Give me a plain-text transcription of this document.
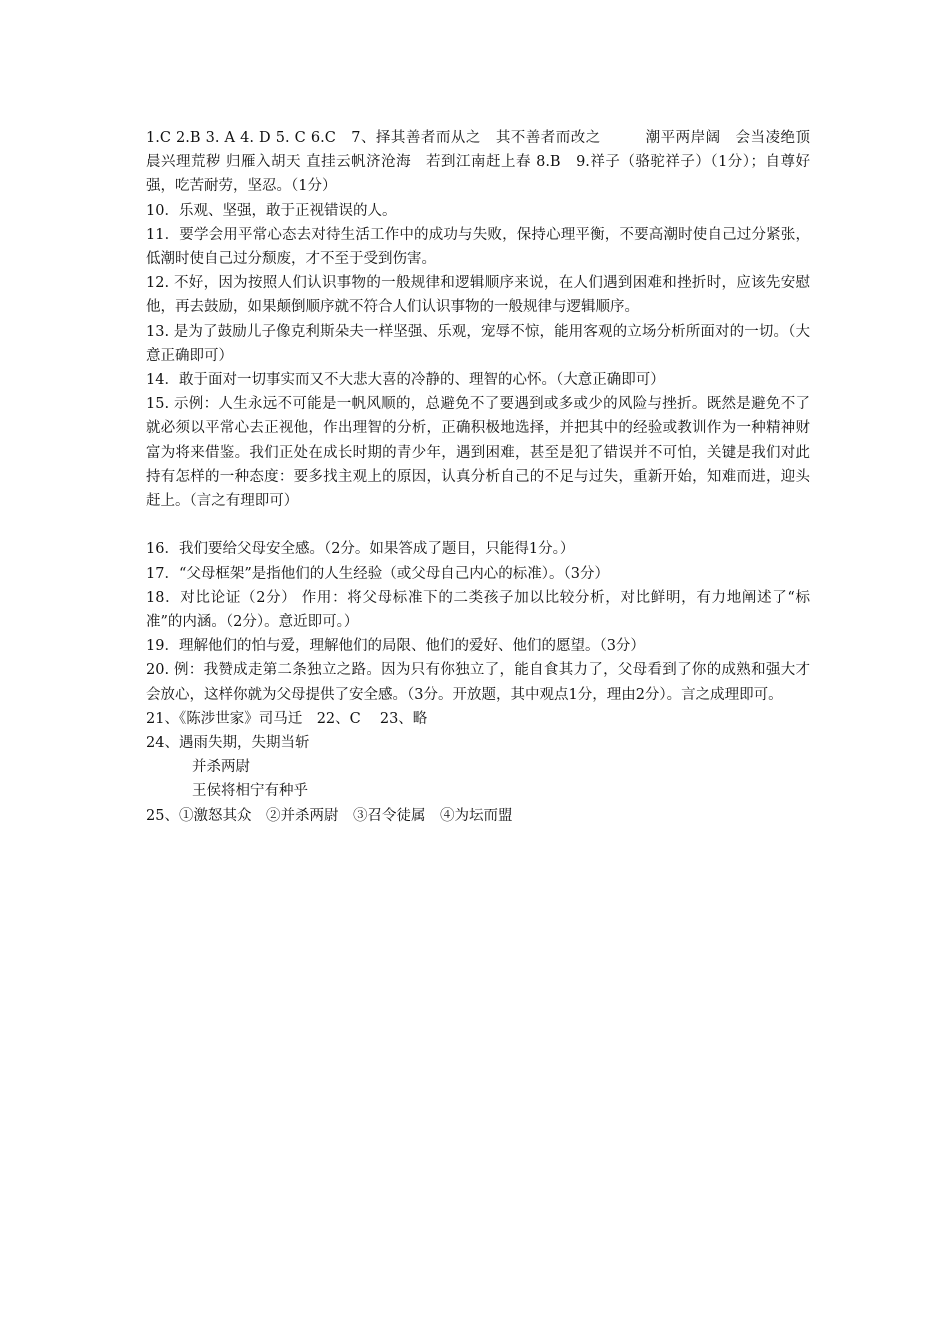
1.C 2.B 3. A 4. D 5. C 6.C　7、择其善者而从之　其不善者而改之　　　潮平两岸阔　会当凌绝顶　晨兴理荒秽 归雁入胡天 直挂云帆济沧海　若到江南赶上春 8.B　9.祥子（骆驼祥子）（1分）；自尊好强，吃苦耐劳，坚忍。（1分）

10．乐观、坚强，敢于正视错误的人。

11．要学会用平常心态去对待生活工作中的成功与失败，保持心理平衡，不要高潮时使自己过分紧张，低潮时使自己过分颓废，才不至于受到伤害。

12. 不好，因为按照人们认识事物的一般规律和逻辑顺序来说，在人们遇到困难和挫折时，应该先安慰他，再去鼓励，如果颠倒顺序就不符合人们认识事物的一般规律与逻辑顺序。

13. 是为了鼓励儿子像克利斯朵夫一样坚强、乐观，宠辱不惊，能用客观的立场分析所面对的一切。（大意正确即可）

14．敢于面对一切事实而又不大悲大喜的冷静的、理智的心怀。（大意正确即可）

15. 示例：人生永远不可能是一帆风顺的，总避免不了要遇到或多或少的风险与挫折。既然是避免不了就必须以平常心去正视他，作出理智的分析，正确积极地选择，并把其中的经验或教训作为一种精神财富为将来借鉴。我们正处在成长时期的青少年，遇到困难，甚至是犯了错误并不可怕，关键是我们对此持有怎样的一种态度：要多找主观上的原因，认真分析自己的不足与过失，重新开始，知难而进，迎头赶上。（言之有理即可）

16．我们要给父母安全感。（2分。如果答成了题目，只能得1分。）

17．“父母框架”是指他们的人生经验（或父母自己内心的标准）。（3分）

18．对比论证（2分） 作用：将父母标准下的二类孩子加以比较分析，对比鲜明，有力地阐述了“标准”的内涵。（2分）。意近即可。）

19．理解他们的怕与爱，理解他们的局限、他们的爱好、他们的愿望。（3分）

20. 例：我赞成走第二条独立之路。因为只有你独立了，能自食其力了，父母看到了你的成熟和强大才会放心，这样你就为父母提供了安全感。（3分。开放题，其中观点1分，理由2分）。言之成理即可。

21、《陈涉世家》司马迁　22、C　 23、略

24、遇雨失期，失期当斩

并杀两尉

王侯将相宁有种乎

25、①激怒其众　②并杀两尉　③召令徒属　④为坛而盟
